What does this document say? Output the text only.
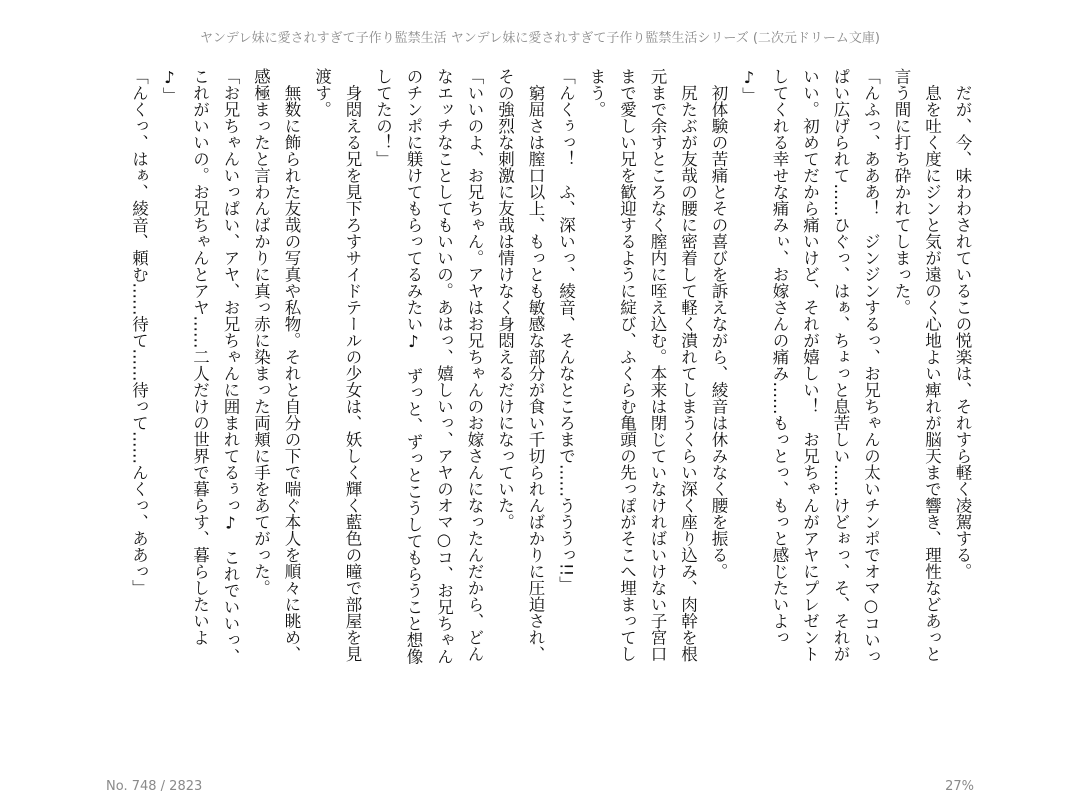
ヤンデレ妹に愛されすぎて子作り監禁生活 ヤンデレ妹に愛されすぎて子作り監禁生活シリーズ (二次元ドリーム文庫)
　だが、今、味わわされているこの悦楽は、それすら軽く凌駕する。
　息を吐く度にジンと気が遠のく心地よい痺れが脳天まで響き、理性などあっと
言う間に打ち砕かれてしまった。
「んふっ、あああ！　ジンジンするっ、お兄ちゃんの太いチンポでオマ○コいっ
ぱい広げられて……ひぐっ、はぁ、ちょっと息苦しい……けどぉっ、そ、それが
いい。初めてだから痛いけど、それが嬉しい！　お兄ちゃんがアヤにプレゼント
してくれる幸せな痛みぃ、お嫁さんの痛み……もっとっ、もっと感じたいよっ
♪」
　初体験の苦痛とその喜びを訴えながら、綾音は休みなく腰を振る。
　尻たぶが友哉の腰に密着して軽く潰れてしまうくらい深く座り込み、肉幹を根
元まで余すところなく膣内に咥え込む。本来は閉じていなければいけない子宮口
まで愛しい兄を歓迎するように綻び、ふくらむ亀頭の先っぽがそこへ埋まってし
まう。
「んくぅっ！　ふ、深いっ、綾音、そんなところまで……うううっ!!」
　窮屈さは膣口以上、もっとも敏感な部分が食い千切られんばかりに圧迫され、
その強烈な刺激に友哉は情けなく身悶えるだけになっていた。
「いいのよ、お兄ちゃん。アヤはお兄ちゃんのお嫁さんになったんだから、どん
なエッチなことしてもいいの。あはっ、嬉しいっ、アヤのオマ○コ、お兄ちゃん
のチンポに躾けてもらってるみたい♪　ずっと、ずっとこうしてもらうこと想像
してたの！」
　身悶える兄を見下ろすサイドテールの少女は、妖しく輝く藍色の瞳で部屋を見
渡す。
　無数に飾られた友哉の写真や私物。それと自分の下で喘ぐ本人を順々に眺め、
感極まったと言わんばかりに真っ赤に染まった両頬に手をあてがった。
「お兄ちゃんいっぱい、アヤ、お兄ちゃんに囲まれてるぅっ♪　これでいいっ、
これがいいの。お兄ちゃんとアヤ……二人だけの世界で暮らす、暮らしたいよ
♪」
「んくっ、はぁ、綾音、頼む……待て……待って……んくっ、ああっ」
No. 748 / 2823	27%
